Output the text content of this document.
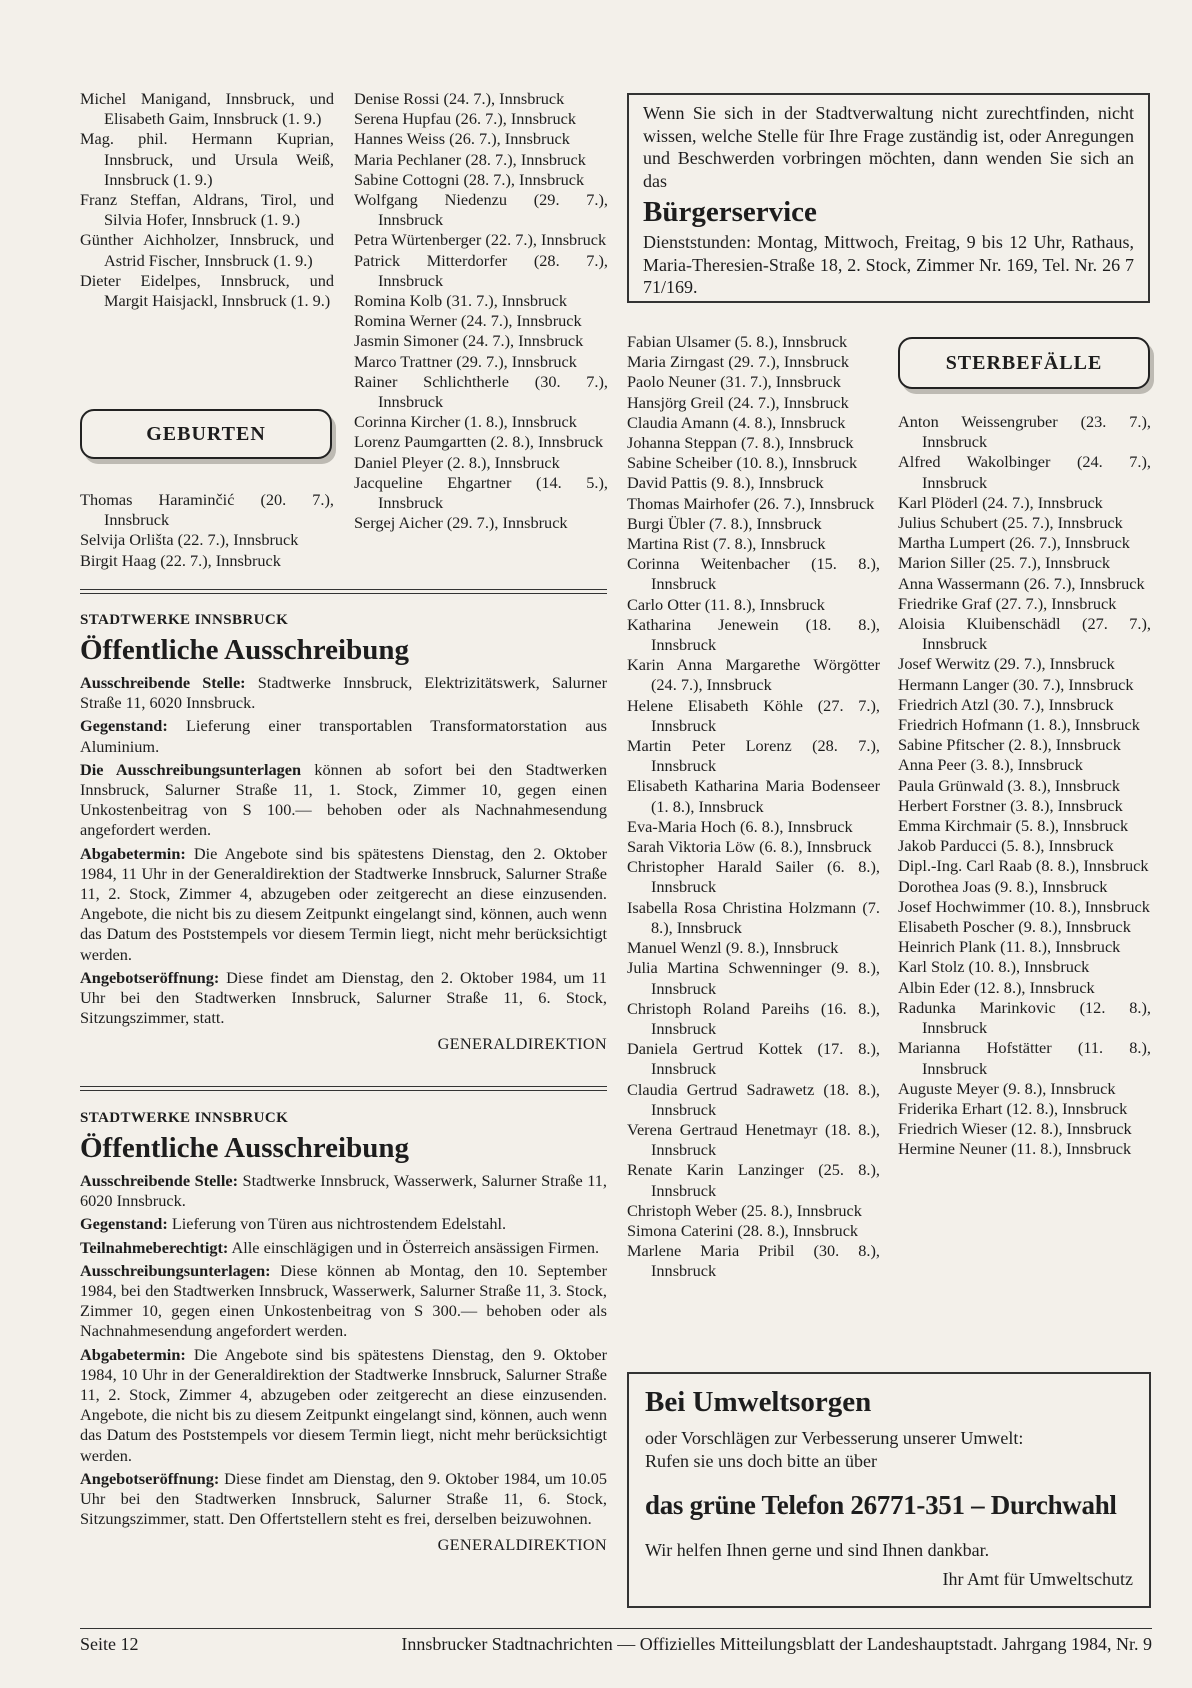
Michel Manigand, Innsbruck, und Elisabeth Gaim, Innsbruck (1. 9.)
Mag. phil. Hermann Kuprian, Innsbruck, und Ursula Weiß, Innsbruck (1. 9.)
Franz Steffan, Aldrans, Tirol, und Silvia Hofer, Innsbruck (1. 9.)
Günther Aichholzer, Innsbruck, und Astrid Fischer, Innsbruck (1. 9.)
Dieter Eidelpes, Innsbruck, und Margit Haisjackl, Innsbruck (1. 9.)
GEBURTEN
Thomas Haraminčić (20. 7.), Innsbruck
Selvija Orlišta (22. 7.), Innsbruck
Birgit Haag (22. 7.), Innsbruck
Denise Rossi (24. 7.), Innsbruck
Serena Hupfau (26. 7.), Innsbruck
Hannes Weiss (26. 7.), Innsbruck
Maria Pechlaner (28. 7.), Innsbruck
Sabine Cottogni (28. 7.), Innsbruck
Wolfgang Niedenzu (29. 7.), Innsbruck
Petra Würtenberger (22. 7.), Innsbruck
Patrick Mitterdorfer (28. 7.), Innsbruck
Romina Kolb (31. 7.), Innsbruck
Romina Werner (24. 7.), Innsbruck
Jasmin Simoner (24. 7.), Innsbruck
Marco Trattner (29. 7.), Innsbruck
Rainer Schlichtherle (30. 7.), Innsbruck
Corinna Kircher (1. 8.), Innsbruck
Lorenz Paumgartten (2. 8.), Innsbruck
Daniel Pleyer (2. 8.), Innsbruck
Jacqueline Ehgartner (14. 5.), Innsbruck
Sergej Aicher (29. 7.), Innsbruck
STADTWERKE INNSBRUCK
Öffentliche Ausschreibung

Ausschreibende Stelle: Stadtwerke Innsbruck, Elektrizitätswerk, Salurner Straße 11, 6020 Innsbruck.

Gegenstand: Lieferung einer transportablen Transformatorstation aus Aluminium.

Die Ausschreibungsunterlagen können ab sofort bei den Stadtwerken Innsbruck, Salurner Straße 11, 1. Stock, Zimmer 10, gegen einen Unkostenbeitrag von S 100.— behoben oder als Nachnahmesendung angefordert werden.

Abgabetermin: Die Angebote sind bis spätestens Dienstag, den 2. Oktober 1984, 11 Uhr in der Generaldirektion der Stadtwerke Innsbruck, Salurner Straße 11, 2. Stock, Zimmer 4, abzugeben oder zeitgerecht an diese einzusenden. Angebote, die nicht bis zu diesem Zeitpunkt eingelangt sind, können, auch wenn das Datum des Poststempels vor diesem Termin liegt, nicht mehr berücksichtigt werden.

Angebotseröffnung: Diese findet am Dienstag, den 2. Oktober 1984, um 11 Uhr bei den Stadtwerken Innsbruck, Salurner Straße 11, 6. Stock, Sitzungszimmer, statt.

GENERALDIREKTION
STADTWERKE INNSBRUCK
Öffentliche Ausschreibung

Ausschreibende Stelle: Stadtwerke Innsbruck, Wasserwerk, Salurner Straße 11, 6020 Innsbruck.

Gegenstand: Lieferung von Türen aus nichtrostendem Edelstahl.

Teilnahmeberechtigt: Alle einschlägigen und in Österreich ansässigen Firmen.

Ausschreibungsunterlagen: Diese können ab Montag, den 10. September 1984, bei den Stadtwerken Innsbruck, Wasserwerk, Salurner Straße 11, 3. Stock, Zimmer 10, gegen einen Unkostenbeitrag von S 300.— behoben oder als Nachnahmesendung angefordert werden.

Abgabetermin: Die Angebote sind bis spätestens Dienstag, den 9. Oktober 1984, 10 Uhr in der Generaldirektion der Stadtwerke Innsbruck, Salurner Straße 11, 2. Stock, Zimmer 4, abzugeben oder zeitgerecht an diese einzusenden. Angebote, die nicht bis zu diesem Zeitpunkt eingelangt sind, können, auch wenn das Datum des Poststempels vor diesem Termin liegt, nicht mehr berücksichtigt werden.

Angebotseröffnung: Diese findet am Dienstag, den 9. Oktober 1984, um 10.05 Uhr bei den Stadtwerken Innsbruck, Salurner Straße 11, 6. Stock, Sitzungszimmer, statt. Den Offertstellern steht es frei, derselben beizuwohnen.

GENERALDIREKTION
Wenn Sie sich in der Stadtverwaltung nicht zurechtfinden, nicht wissen, welche Stelle für Ihre Frage zuständig ist, oder Anregungen und Beschwerden vorbringen möchten, dann wenden Sie sich an das
Bürgerservice
Dienststunden: Montag, Mittwoch, Freitag, 9 bis 12 Uhr, Rathaus, Maria-Theresien-Straße 18, 2. Stock, Zimmer Nr. 169, Tel. Nr. 26 7 71/169.
Fabian Ulsamer (5. 8.), Innsbruck
Maria Zirngast (29. 7.), Innsbruck
Paolo Neuner (31. 7.), Innsbruck
Hansjörg Greil (24. 7.), Innsbruck
Claudia Amann (4. 8.), Innsbruck
Johanna Steppan (7. 8.), Innsbruck
Sabine Scheiber (10. 8.), Innsbruck
David Pattis (9. 8.), Innsbruck
Thomas Mairhofer (26. 7.), Innsbruck
Burgi Übler (7. 8.), Innsbruck
Martina Rist (7. 8.), Innsbruck
Corinna Weitenbacher (15. 8.), Innsbruck
Carlo Otter (11. 8.), Innsbruck
Katharina Jenewein (18. 8.), Innsbruck
Karin Anna Margarethe Wörgötter (24. 7.), Innsbruck
Helene Elisabeth Köhle (27. 7.), Innsbruck
Martin Peter Lorenz (28. 7.), Innsbruck
Elisabeth Katharina Maria Bodenseer (1. 8.), Innsbruck
Eva-Maria Hoch (6. 8.), Innsbruck
Sarah Viktoria Löw (6. 8.), Innsbruck
Christopher Harald Sailer (6. 8.), Innsbruck
Isabella Rosa Christina Holzmann (7. 8.), Innsbruck
Manuel Wenzl (9. 8.), Innsbruck
Julia Martina Schwenninger (9. 8.), Innsbruck
Christoph Roland Pareihs (16. 8.), Innsbruck
Daniela Gertrud Kottek (17. 8.), Innsbruck
Claudia Gertrud Sadrawetz (18. 8.), Innsbruck
Verena Gertraud Henetmayr (18. 8.), Innsbruck
Renate Karin Lanzinger (25. 8.), Innsbruck
Christoph Weber (25. 8.), Innsbruck
Simona Caterini (28. 8.), Innsbruck
Marlene Maria Pribil (30. 8.), Innsbruck
STERBEFÄLLE
Anton Weissengruber (23. 7.), Innsbruck
Alfred Wakolbinger (24. 7.), Innsbruck
Karl Plöderl (24. 7.), Innsbruck
Julius Schubert (25. 7.), Innsbruck
Martha Lumpert (26. 7.), Innsbruck
Marion Siller (25. 7.), Innsbruck
Anna Wassermann (26. 7.), Innsbruck
Friedrike Graf (27. 7.), Innsbruck
Aloisia Kluibenschädl (27. 7.), Innsbruck
Josef Werwitz (29. 7.), Innsbruck
Hermann Langer (30. 7.), Innsbruck
Friedrich Atzl (30. 7.), Innsbruck
Friedrich Hofmann (1. 8.), Innsbruck
Sabine Pfitscher (2. 8.), Innsbruck
Anna Peer (3. 8.), Innsbruck
Paula Grünwald (3. 8.), Innsbruck
Herbert Forstner (3. 8.), Innsbruck
Emma Kirchmair (5. 8.), Innsbruck
Jakob Parducci (5. 8.), Innsbruck
Dipl.-Ing. Carl Raab (8. 8.), Innsbruck
Dorothea Joas (9. 8.), Innsbruck
Josef Hochwimmer (10. 8.), Innsbruck
Elisabeth Poscher (9. 8.), Innsbruck
Heinrich Plank (11. 8.), Innsbruck
Karl Stolz (10. 8.), Innsbruck
Albin Eder (12. 8.), Innsbruck
Radunka Marinkovic (12. 8.), Innsbruck
Marianna Hofstätter (11. 8.), Innsbruck
Auguste Meyer (9. 8.), Innsbruck
Friderika Erhart (12. 8.), Innsbruck
Friedrich Wieser (12. 8.), Innsbruck
Hermine Neuner (11. 8.), Innsbruck
Bei Umweltsorgen
oder Vorschlägen zur Verbesserung unserer Umwelt:
Rufen sie uns doch bitte an über
das grüne Telefon 26771-351 – Durchwahl
Wir helfen Ihnen gerne und sind Ihnen dankbar.
Ihr Amt für Umweltschutz
Seite 12	Innsbrucker Stadtnachrichten — Offizielles Mitteilungsblatt der Landeshauptstadt. Jahrgang 1984, Nr. 9
